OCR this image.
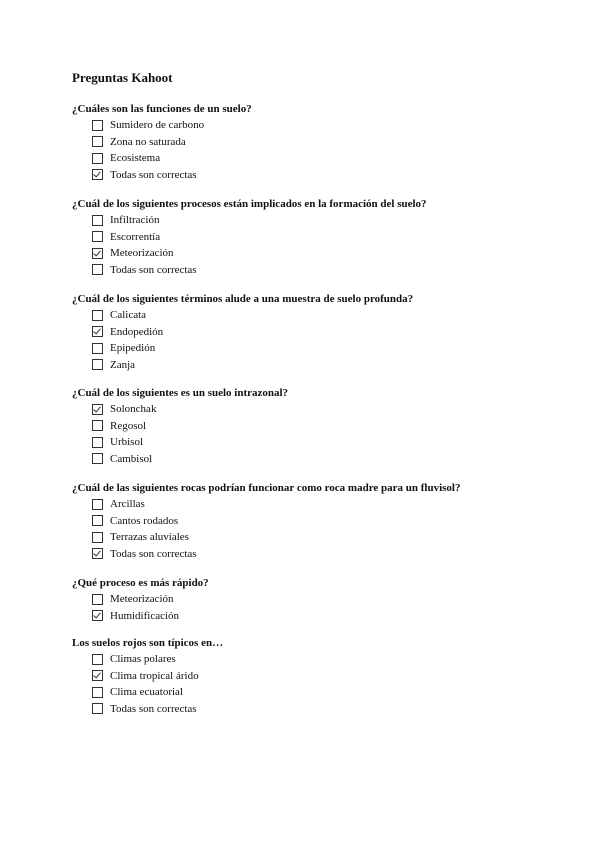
Preguntas Kahoot

¿Cuáles son las funciones de un suelo?

Sumidero de carbono
Zona no saturada
Ecosistema
Todas son correctas

¿Cuál de los siguientes procesos están implicados en la formación del suelo?

Infiltración
Escorrentía
Meteorización
Todas son correctas

¿Cuál de los siguientes términos alude a una muestra de suelo profunda?

Calicata
Endopedión
Epipedión
Zanja

¿Cuál de los siguientes es un suelo intrazonal?

Solonchak
Regosol
Urbisol
Cambisol

¿Cuál de las siguientes rocas podrían funcionar como roca madre para un fluvisol?

Arcillas
Cantos rodados
Terrazas aluviales
Todas son correctas

¿Qué proceso es más rápido?

Meteorización
Humidificación

Los suelos rojos son típicos en…

Climas polares
Clima tropical árido
Clima ecuatorial
Todas son correctas
